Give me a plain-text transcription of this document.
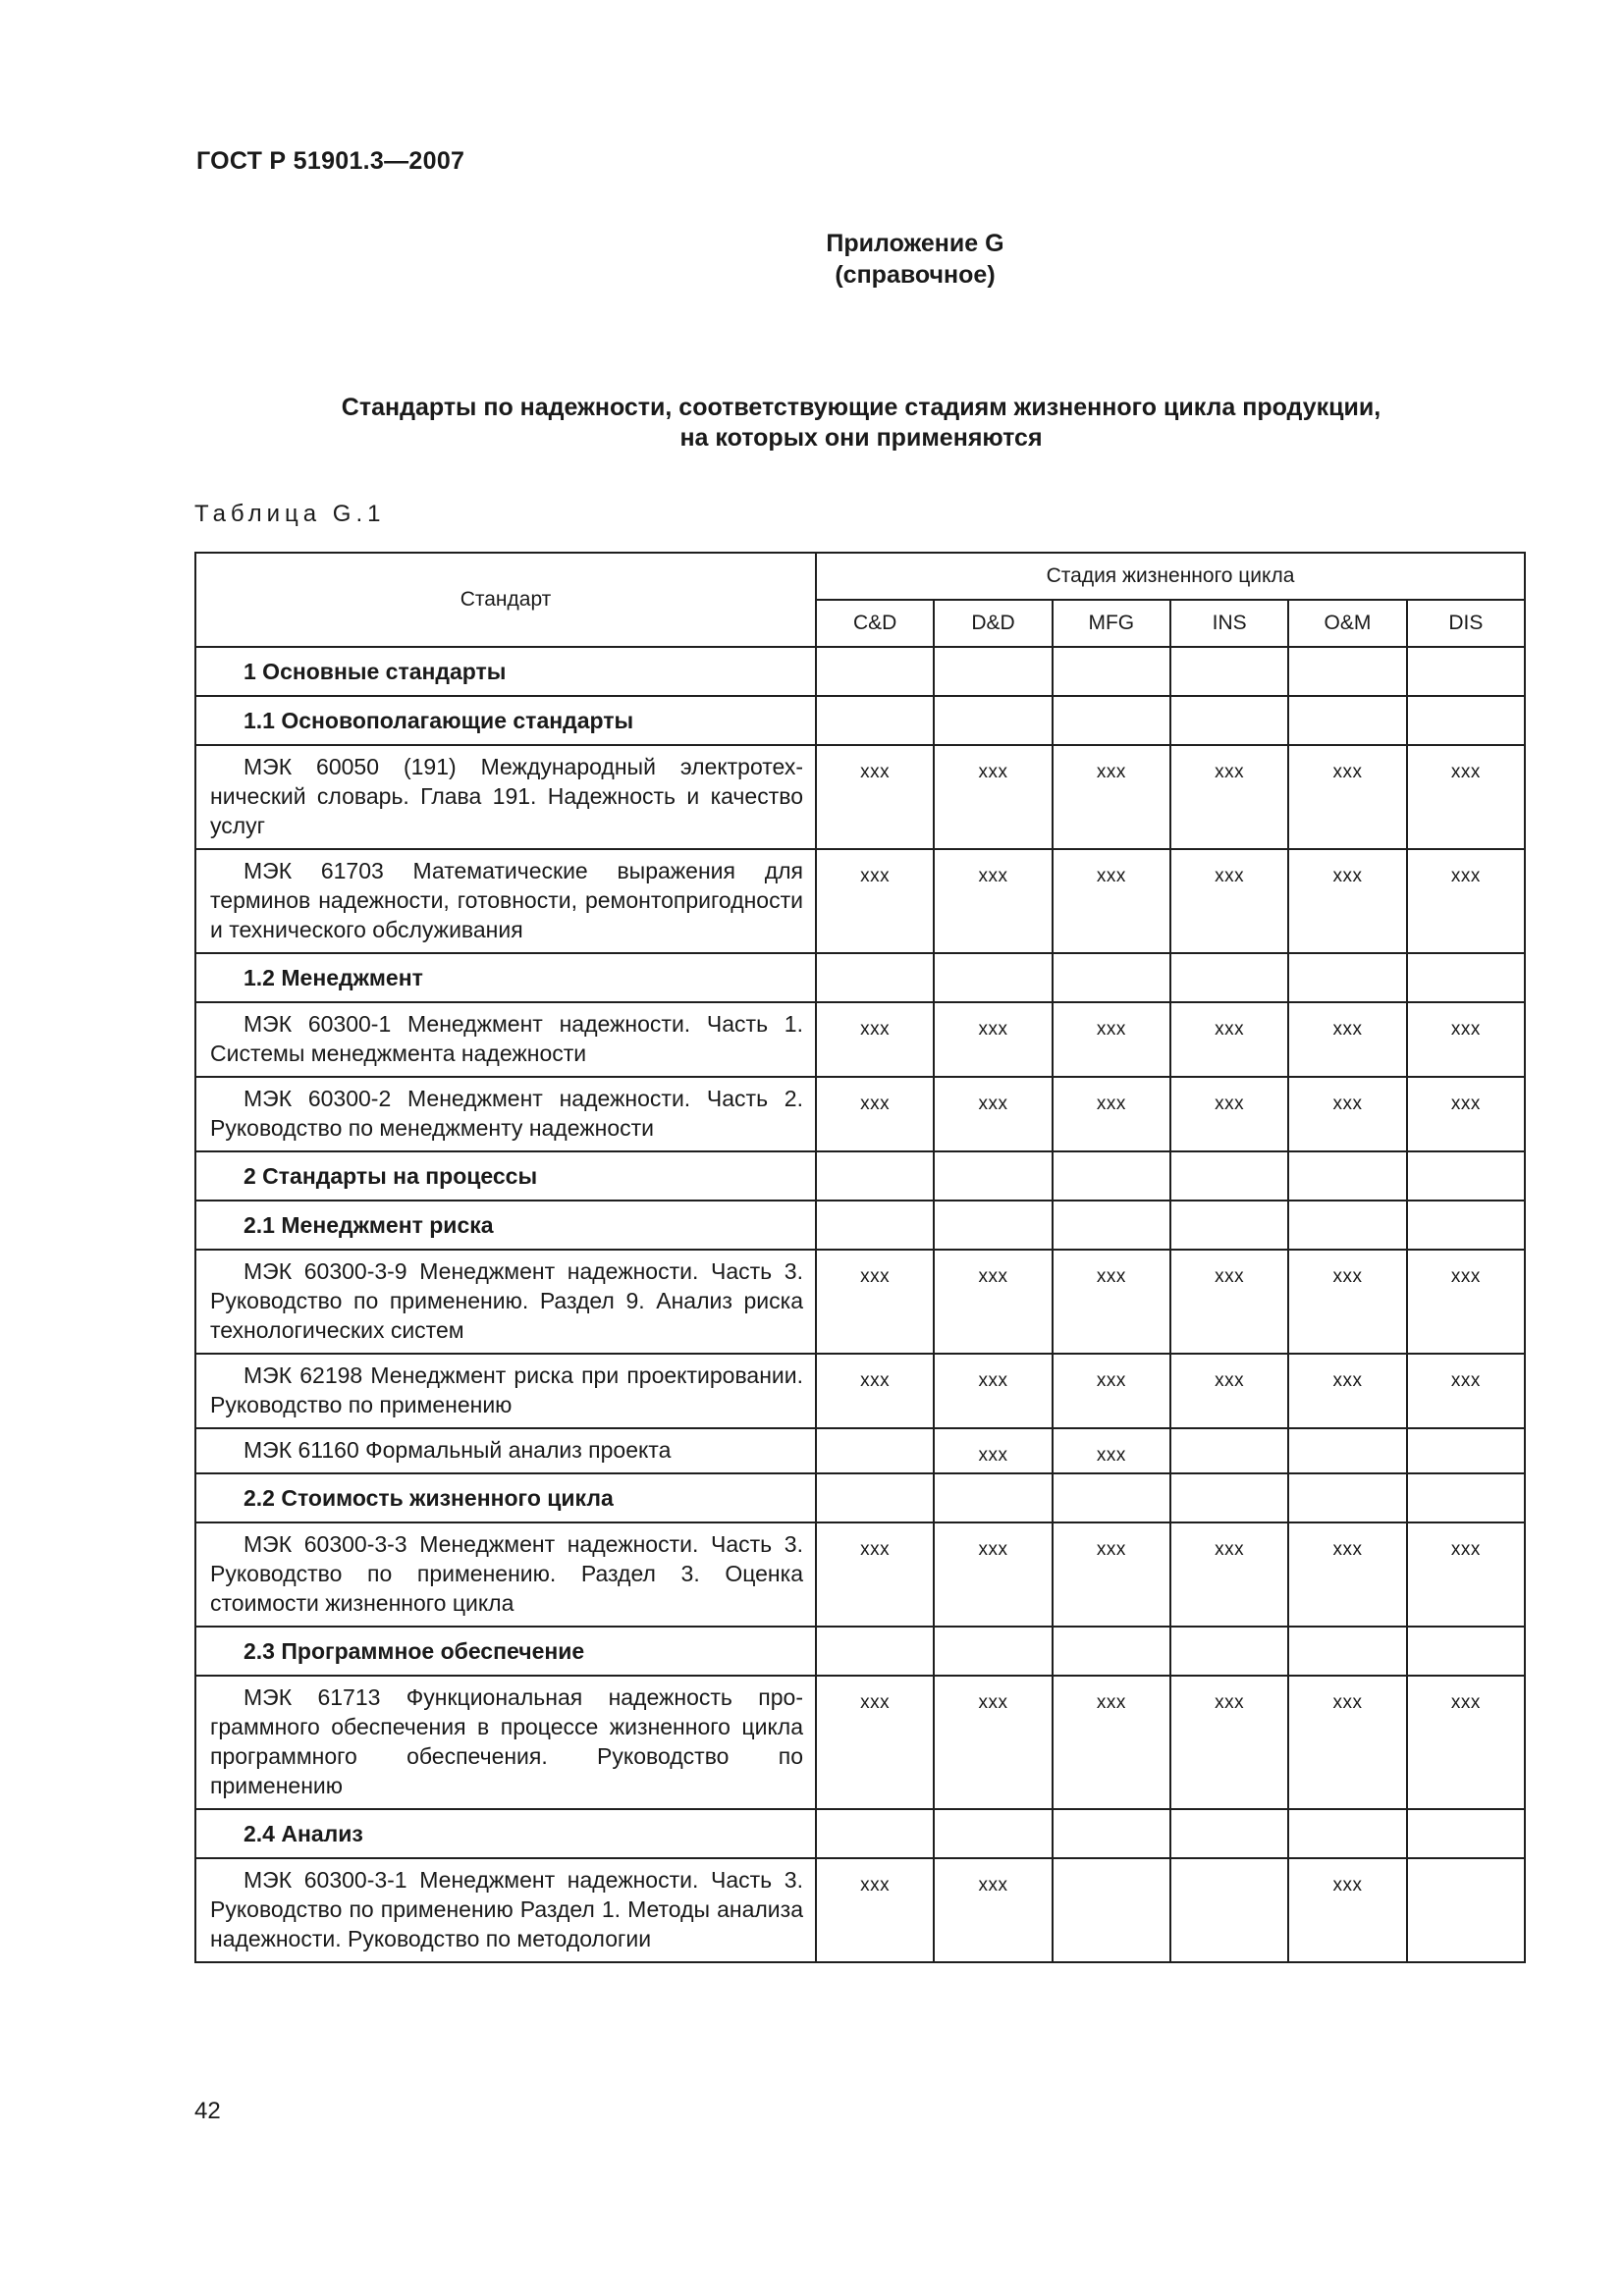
ГОСТ Р 51901.3—2007
Приложение G
(справочное)
Стандарты по надежности, соответствующие стадиям жизненного цикла продукции,
на которых они применяются
Таблица G.1
Стандарт	Стадия жизненного цикла					
	C&D	D&D	MFG	INS	O&M	DIS
1 Основные стандарты						
1.1 Основополагающие стандарты						
МЭК 60050 (191) Международный электротехнический словарь. Глава 191. Надежность и качество услуг	xxx	xxx	xxx	xxx	xxx	xxx
МЭК 61703 Математические выражения для терминов надежности, готовности, ремонтопригодности и технического обслуживания	xxx	xxx	xxx	xxx	xxx	xxx
1.2 Менеджмент						
МЭК 60300-1 Менеджмент надежности. Часть 1. Системы менеджмента надежности	xxx	xxx	xxx	xxx	xxx	xxx
МЭК 60300-2 Менеджмент надежности. Часть 2. Руководство по менеджменту надежности	xxx	xxx	xxx	xxx	xxx	xxx
2 Стандарты на процессы						
2.1 Менеджмент риска						
МЭК 60300-3-9 Менеджмент надежности. Часть 3. Руководство по применению. Раздел 9. Анализ риска технологических систем	xxx	xxx	xxx	xxx	xxx	xxx
МЭК 62198 Менеджмент риска при проектировании. Руководство по применению	xxx	xxx	xxx	xxx	xxx	xxx
МЭК 61160 Формальный анализ проекта		xxx	xxx			
2.2 Стоимость жизненного цикла						
МЭК 60300-3-3 Менеджмент надежности. Часть 3. Руководство по применению. Раздел 3. Оценка стоимости жизненного цикла	xxx	xxx	xxx	xxx	xxx	xxx
2.3 Программное обеспечение						
МЭК 61713 Функциональная надежность программного обеспечения в процессе жизненного цикла программного обеспечения. Руководство по применению	xxx	xxx	xxx	xxx	xxx	xxx
2.4 Анализ						
МЭК 60300-3-1 Менеджмент надежности. Часть 3. Руководство по применению Раздел 1. Методы анализа надежности. Руководство по методологии	xxx	xxx			xxx	
42
